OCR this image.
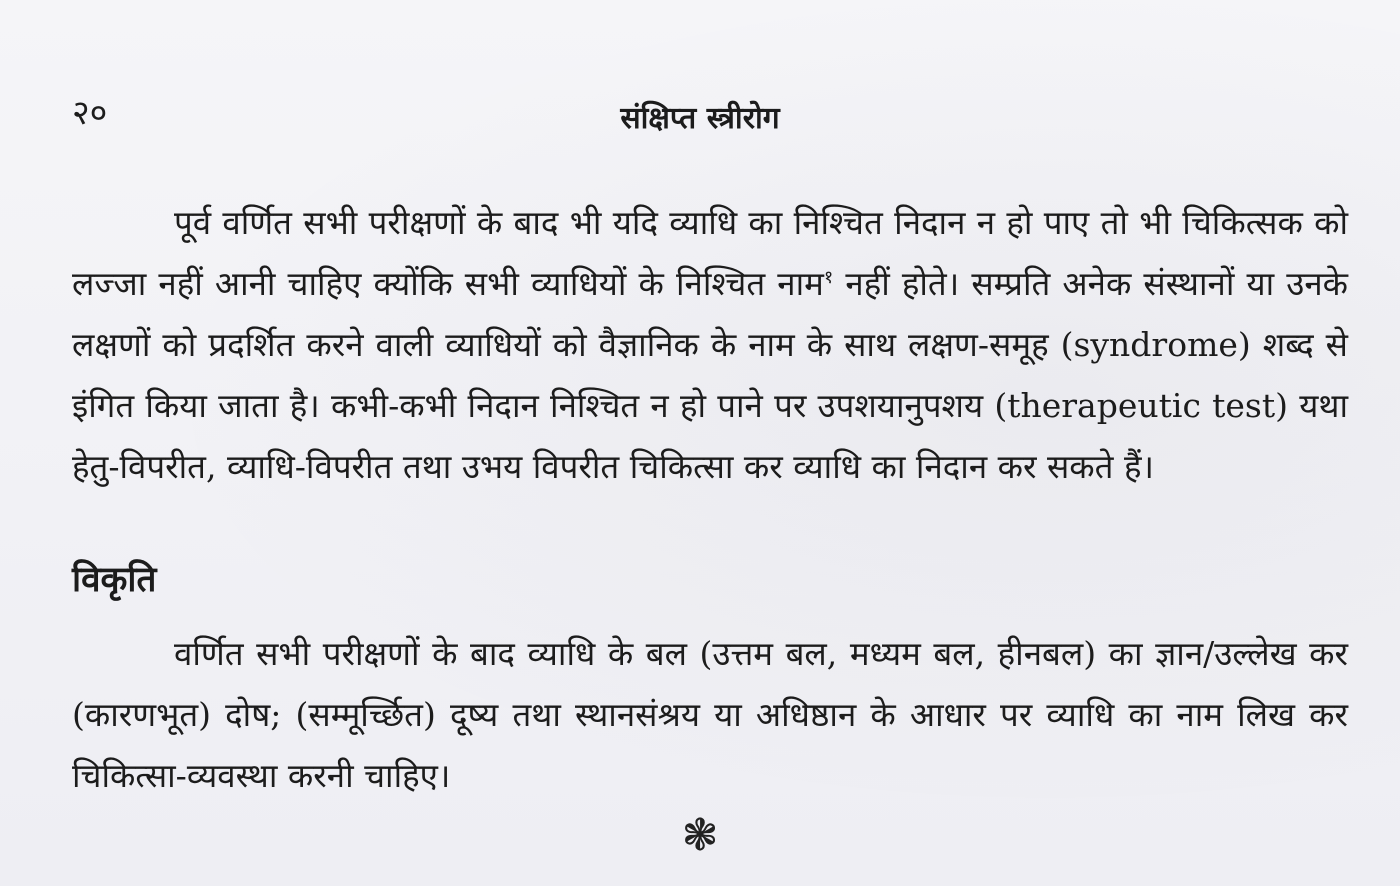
२०	संक्षिप्त स्त्रीरोग

पूर्व वर्णित सभी परीक्षणों के बाद भी यदि व्याधि का निश्चित निदान न हो पाए तो भी चिकित्सक को लज्जा नहीं आनी चाहिए क्योंकि सभी व्याधियों के निश्चित नाम$^१$ नहीं होते। सम्प्रति अनेक संस्थानों या उनके लक्षणों को प्रदर्शित करने वाली व्याधियों को वैज्ञानिक के नाम के साथ लक्षण-समूह (syndrome) शब्द से इंगित किया जाता है। कभी-कभी निदान निश्चित न हो पाने पर उपशयानुपशय (therapeutic test) यथा हेतु-विपरीत, व्याधि-विपरीत तथा उभय विपरीत चिकित्सा कर व्याधि का निदान कर सकते हैं।

विकृति

वर्णित सभी परीक्षणों के बाद व्याधि के बल (उत्तम बल, मध्यम बल, हीनबल) का ज्ञान/उल्लेख कर (कारणभूत) दोष; (सम्मूर्च्छित) दूष्य तथा स्थानसंश्रय या अधिष्ठान के आधार पर व्याधि का नाम लिख कर चिकित्सा-व्यवस्था करनी चाहिए।

❃
